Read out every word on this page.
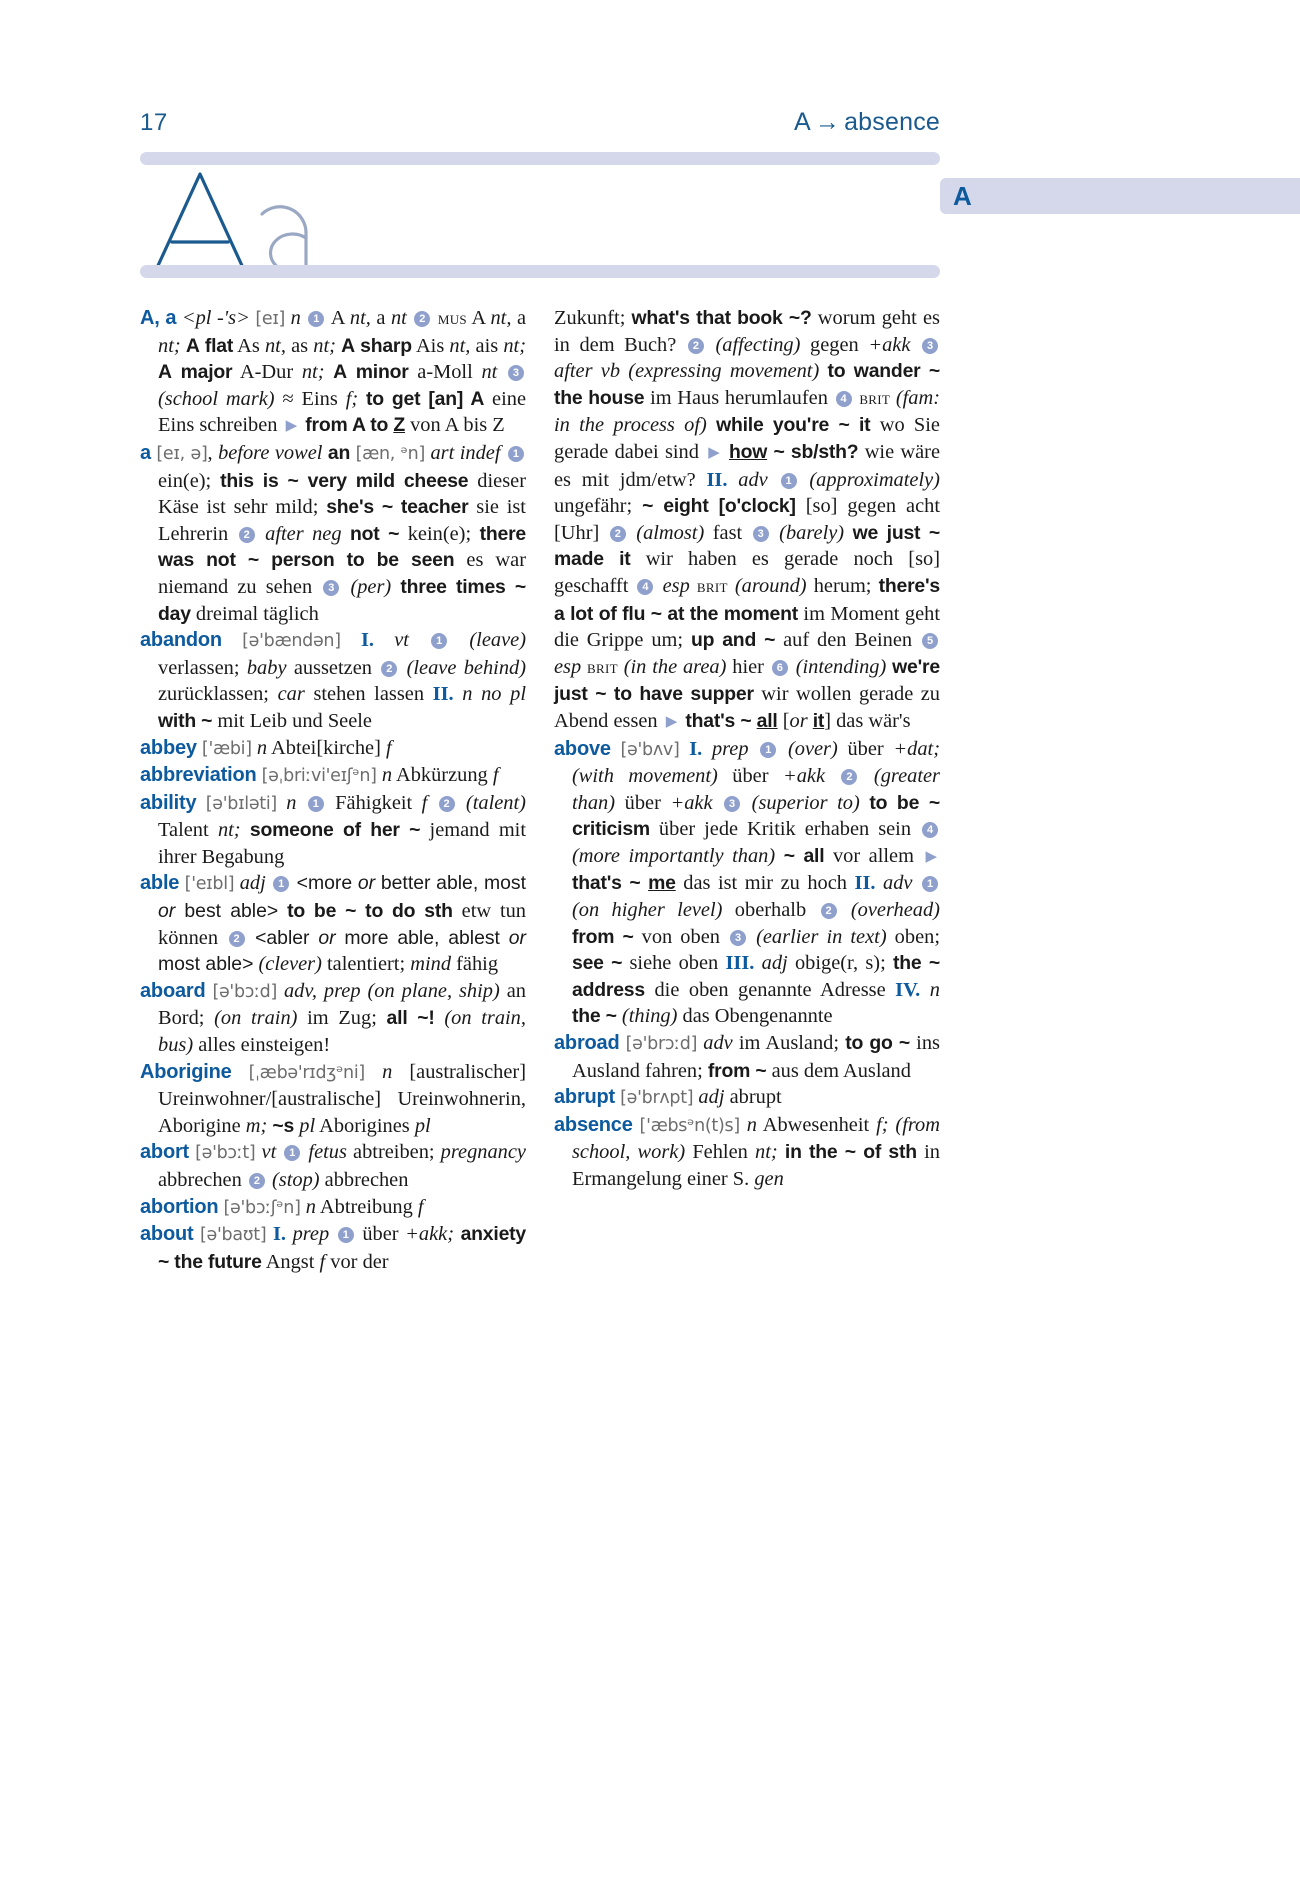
17	A → absence
A
A, a <pl -'s> [eɪ] n 1 A nt, a nt 2 mus A nt, a nt; A flat As nt, as nt; A sharp Ais nt, ais nt; A major A-Dur nt; A minor a-Moll nt 3 (school mark) ≈ Eins f; to get [an] A eine Eins schreiben ▶ from A to Z von A bis Z
a [eɪ, ə], before vowel an [æn, ᵊn] art indef 1 ein(e); this is ~ very mild cheese dieser Käse ist sehr mild; she's ~ teacher sie ist Lehrerin 2 after neg not ~ kein(e); there was not ~ person to be seen es war niemand zu sehen 3 (per) three times ~ day dreimal täglich
abandon [ə'bændən] I. vt 1 (leave) verlassen; baby aussetzen 2 (leave behind) zurücklassen; car stehen lassen II. n no pl with ~ mit Leib und Seele
abbey ['æbi] n Abtei[kirche] f
abbreviation [əˌbriːvi'eɪʃᵊn] n Abkürzung f
ability [ə'bɪləti] n 1 Fähigkeit f 2 (talent) Talent nt; someone of her ~ jemand mit ihrer Begabung
able ['eɪbl] adj 1 <more or better able, most or best able> to be ~ to do sth etw tun können 2 <abler or more able, ablest or most able> (clever) talentiert; mind fähig
aboard [ə'bɔːd] adv, prep (on plane, ship) an Bord; (on train) im Zug; all ~! (on train, bus) alles einsteigen!
Aborigine [ˌæbə'rɪdʒᵊni] n [australischer] Ureinwohner/[australische] Ureinwohnerin, Aborigine m; ~s pl Aborigines pl
abort [ə'bɔːt] vt 1 fetus abtreiben; pregnancy abbrechen 2 (stop) abbrechen
abortion [ə'bɔːʃᵊn] n Abtreibung f
about [ə'baʊt] I. prep 1 über +akk; anxiety ~ the future Angst f vor der
Zukunft; what's that book ~? worum geht es in dem Buch? 2 (affecting) gegen +akk 3 after vb (expressing movement) to wander ~ the house im Haus herumlaufen 4 brit (fam: in the process of) while you're ~ it wo Sie gerade dabei sind ▶ how ~ sb/sth? wie wäre es mit jdm/etw? II. adv 1 (approximately) ungefähr; ~ eight [o'clock] [so] gegen acht [Uhr] 2 (almost) fast 3 (barely) we just ~ made it wir haben es gerade noch [so] geschafft 4 esp brit (around) herum; there's a lot of flu ~ at the moment im Moment geht die Grippe um; up and ~ auf den Beinen 5 esp brit (in the area) hier 6 (intending) we're just ~ to have supper wir wollen gerade zu Abend essen ▶ that's ~ all [or it] das wär's
above [ə'bʌv] I. prep 1 (over) über +dat; (with movement) über +akk 2 (greater than) über +akk 3 (superior to) to be ~ criticism über jede Kritik erhaben sein 4 (more importantly than) ~ all vor allem ▶ that's ~ me das ist mir zu hoch II. adv 1 (on higher level) oberhalb 2 (overhead) from ~ von oben 3 (earlier in text) oben; see ~ siehe oben III. adj obige(r, s); the ~ address die oben genannte Adresse IV. n the ~ (thing) das Obengenannte
abroad [ə'brɔːd] adv im Ausland; to go ~ ins Ausland fahren; from ~ aus dem Ausland
abrupt [ə'brʌpt] adj abrupt
absence ['æbsᵊn(t)s] n Abwesenheit f; (from school, work) Fehlen nt; in the ~ of sth in Ermangelung einer S. gen
